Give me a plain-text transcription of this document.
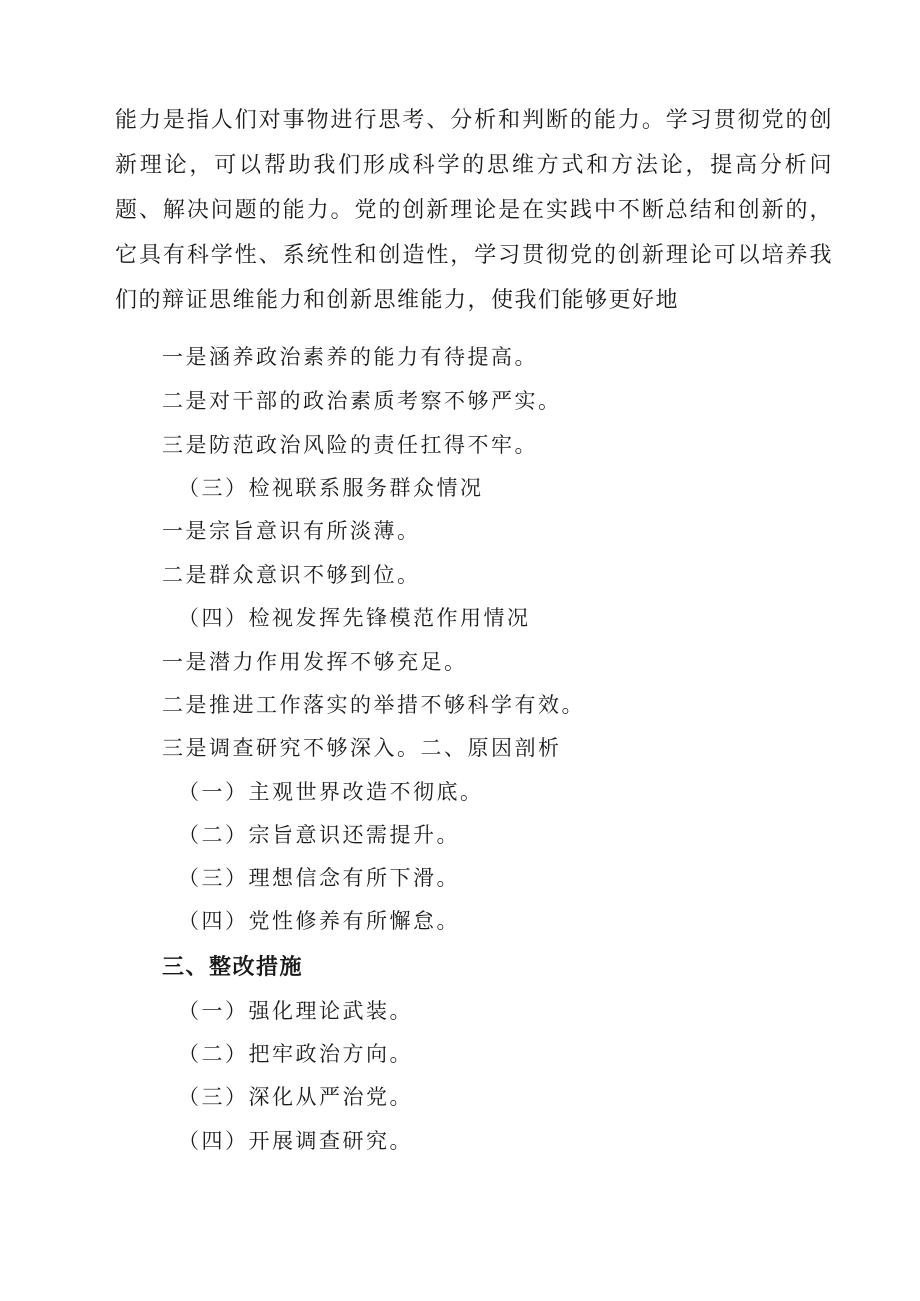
能力是指人们对事物进行思考、分析和判断的能力。学习贯彻党的创新理论，可以帮助我们形成科学的思维方式和方法论，提高分析问题、解决问题的能力。党的创新理论是在实践中不断总结和创新的，它具有科学性、系统性和创造性，学习贯彻党的创新理论可以培养我们的辩证思维能力和创新思维能力，使我们能够更好地
一是涵养政治素养的能力有待提高。
二是对干部的政治素质考察不够严实。
三是防范政治风险的责任扛得不牢。
（三）检视联系服务群众情况
一是宗旨意识有所淡薄。
二是群众意识不够到位。
（四）检视发挥先锋模范作用情况
一是潜力作用发挥不够充足。
二是推进工作落实的举措不够科学有效。
三是调查研究不够深入。二、原因剖析
（一）主观世界改造不彻底。
（二）宗旨意识还需提升。
（三）理想信念有所下滑。
（四）党性修养有所懈怠。
三、整改措施
（一）强化理论武装。
（二）把牢政治方向。
（三）深化从严治党。
（四）开展调查研究。
